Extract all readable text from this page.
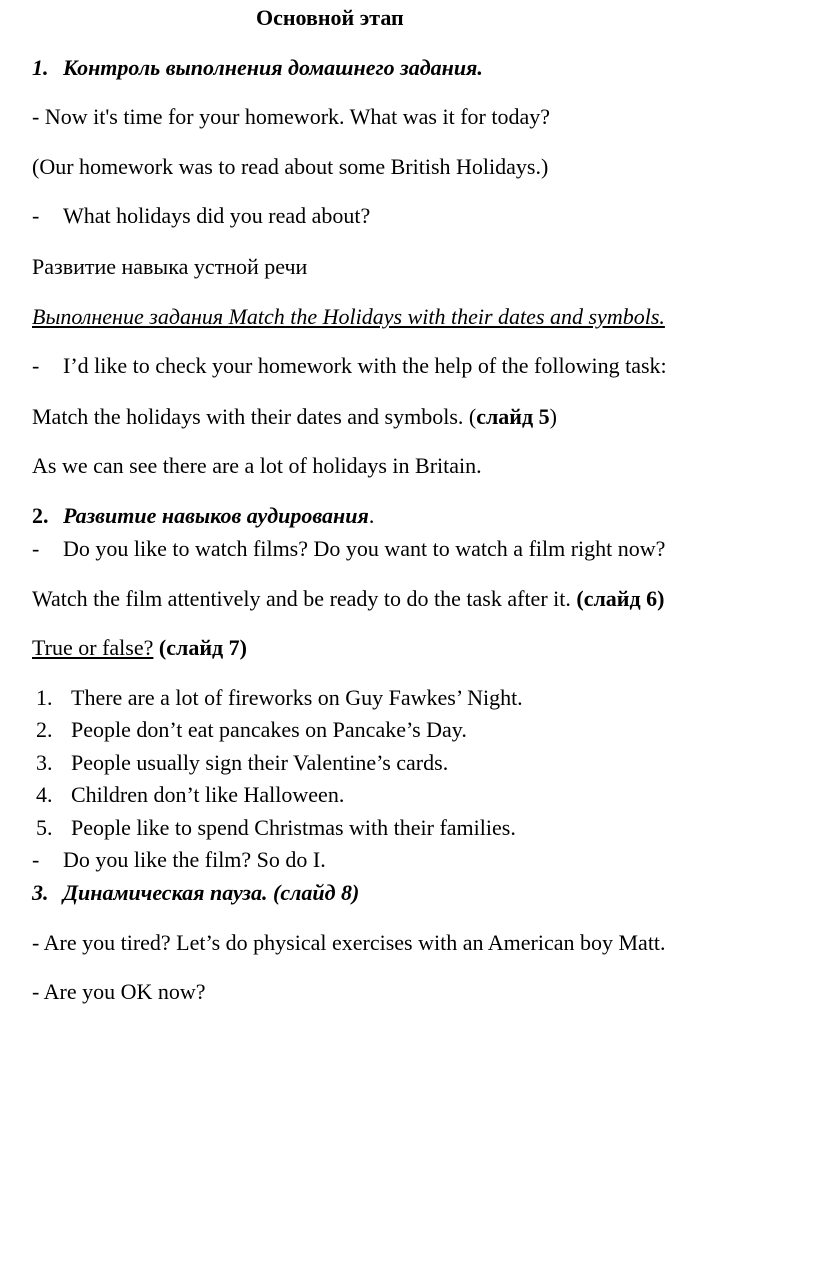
Основной этап
1. Контроль выполнения домашнего задания.
- Now it's time for your homework. What was it for today?
(Our homework was to read about some British Holidays.)
- What holidays did you read about?
Развитие навыка устной речи
Выполнение задания Match the Holidays with their dates and symbols.
- I’d like to check your homework with the help of the following task:
Match the holidays with their dates and symbols. (слайд 5)
As we can see there are a lot of holidays in Britain.
2. Развитие навыков аудирования.
- Do you like to watch films? Do you want to watch a film right now?
Watch the film attentively and be ready to do the task after it. (слайд 6)
True or false? (слайд 7)
1. There are a lot of fireworks on Guy Fawkes’ Night.
2. People don’t eat pancakes on Pancake’s Day.
3. People usually sign their Valentine’s cards.
4. Children don’t like Halloween.
5. People like to spend Christmas with their families.
- Do you like the film? So do I.
3. Динамическая пауза. (слайд 8)
- Are you tired? Let’s do physical exercises with an American boy Matt.
- Are you OK now?
